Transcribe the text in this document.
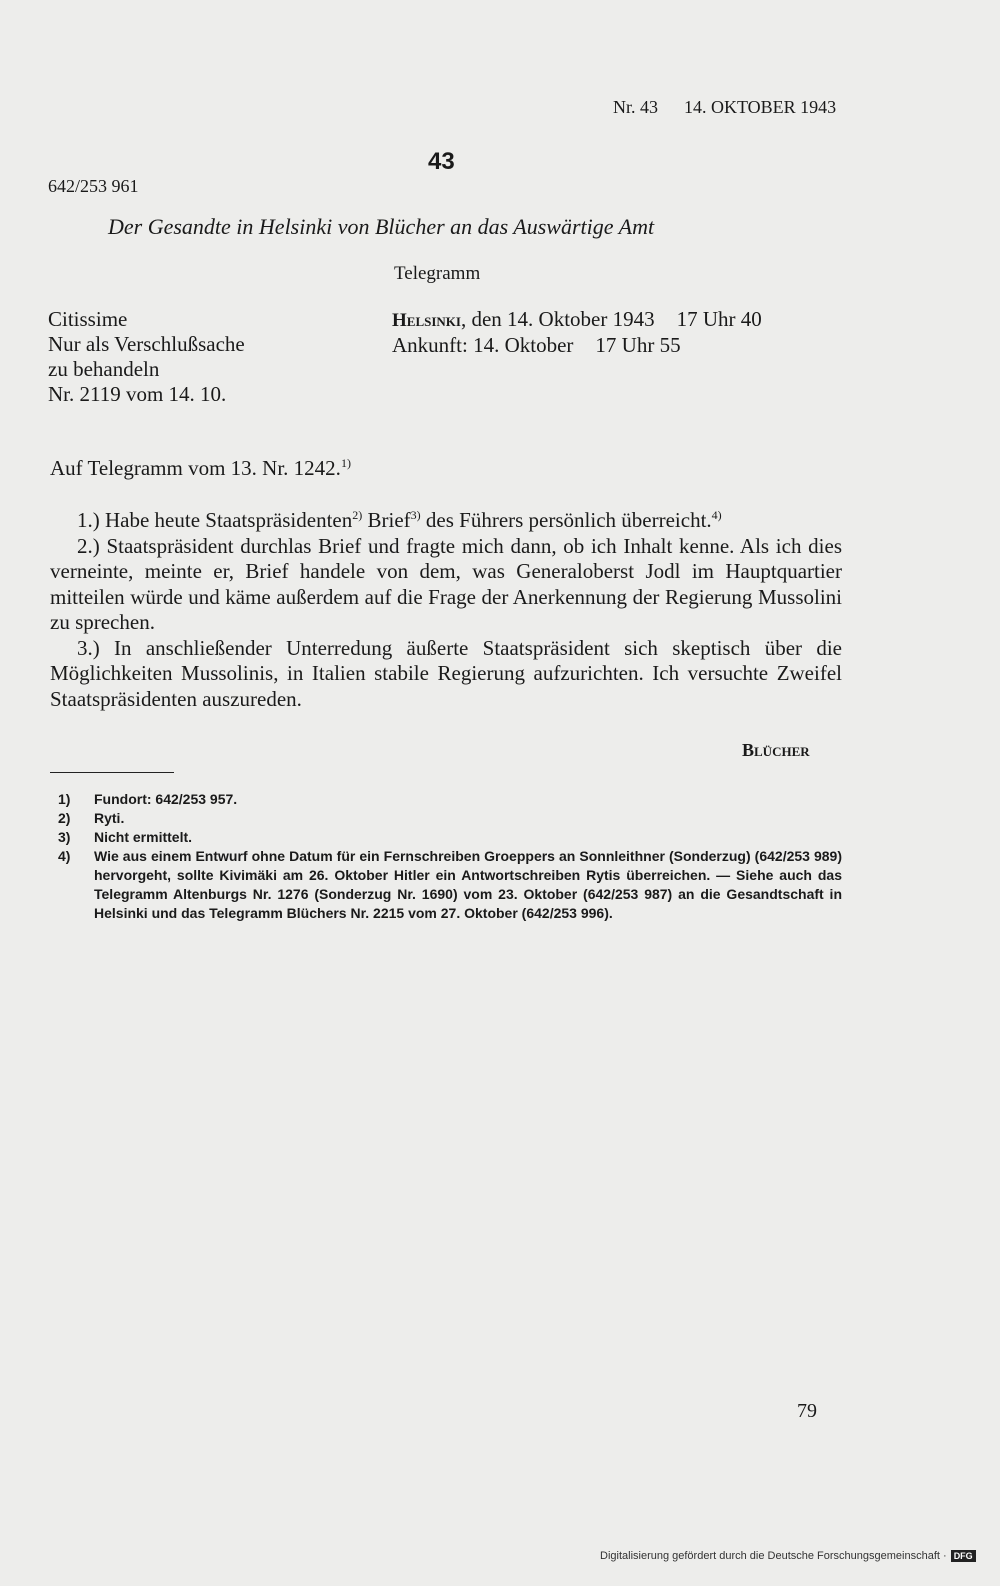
Nr. 43 14. OKTOBER 1943
43
642/253 961
Der Gesandte in Helsinki von Blücher an das Auswärtige Amt
Telegramm
Citissime
Nur als Verschlußsache
zu behandeln
Nr. 2119 vom 14. 10.
Helsinki, den 14. Oktober 1943 17 Uhr 40
Ankunft: 14. Oktober 17 Uhr 55
Auf Telegramm vom 13. Nr. 1242.$^{1)}$

1.) Habe heute Staatspräsidenten$^{2)}$ Brief$^{3)}$ des Führers persönlich überreicht.$^{4)}$

2.) Staatspräsident durchlas Brief und fragte mich dann, ob ich Inhalt kenne. Als ich dies verneinte, meinte er, Brief handele von dem, was Generaloberst Jodl im Hauptquartier mitteilen würde und käme außerdem auf die Frage der Anerkennung der Regierung Mussolini zu sprechen.

3.) In anschließender Unterredung äußerte Staatspräsident sich skeptisch über die Möglichkeiten Mussolinis, in Italien stabile Regierung aufzurichten. Ich versuchte Zweifel Staatspräsidenten auszureden.

Blücher
1)	Fundort: 642/253 957.
2)	Ryti.
3)	Nicht ermittelt.
4)	Wie aus einem Entwurf ohne Datum für ein Fernschreiben Groeppers an Sonnleithner (Sonderzug) (642/253 989) hervorgeht, sollte Kivimäki am 26. Oktober Hitler ein Antwortschreiben Rytis überreichen. — Siehe auch das Telegramm Altenburgs Nr. 1276 (Sonderzug Nr. 1690) vom 23. Oktober (642/253 987) an die Gesandtschaft in Helsinki und das Telegramm Blüchers Nr. 2215 vom 27. Oktober (642/253 996).
79
Digitalisierung gefördert durch die Deutsche Forschungsgemeinschaft · DFG
